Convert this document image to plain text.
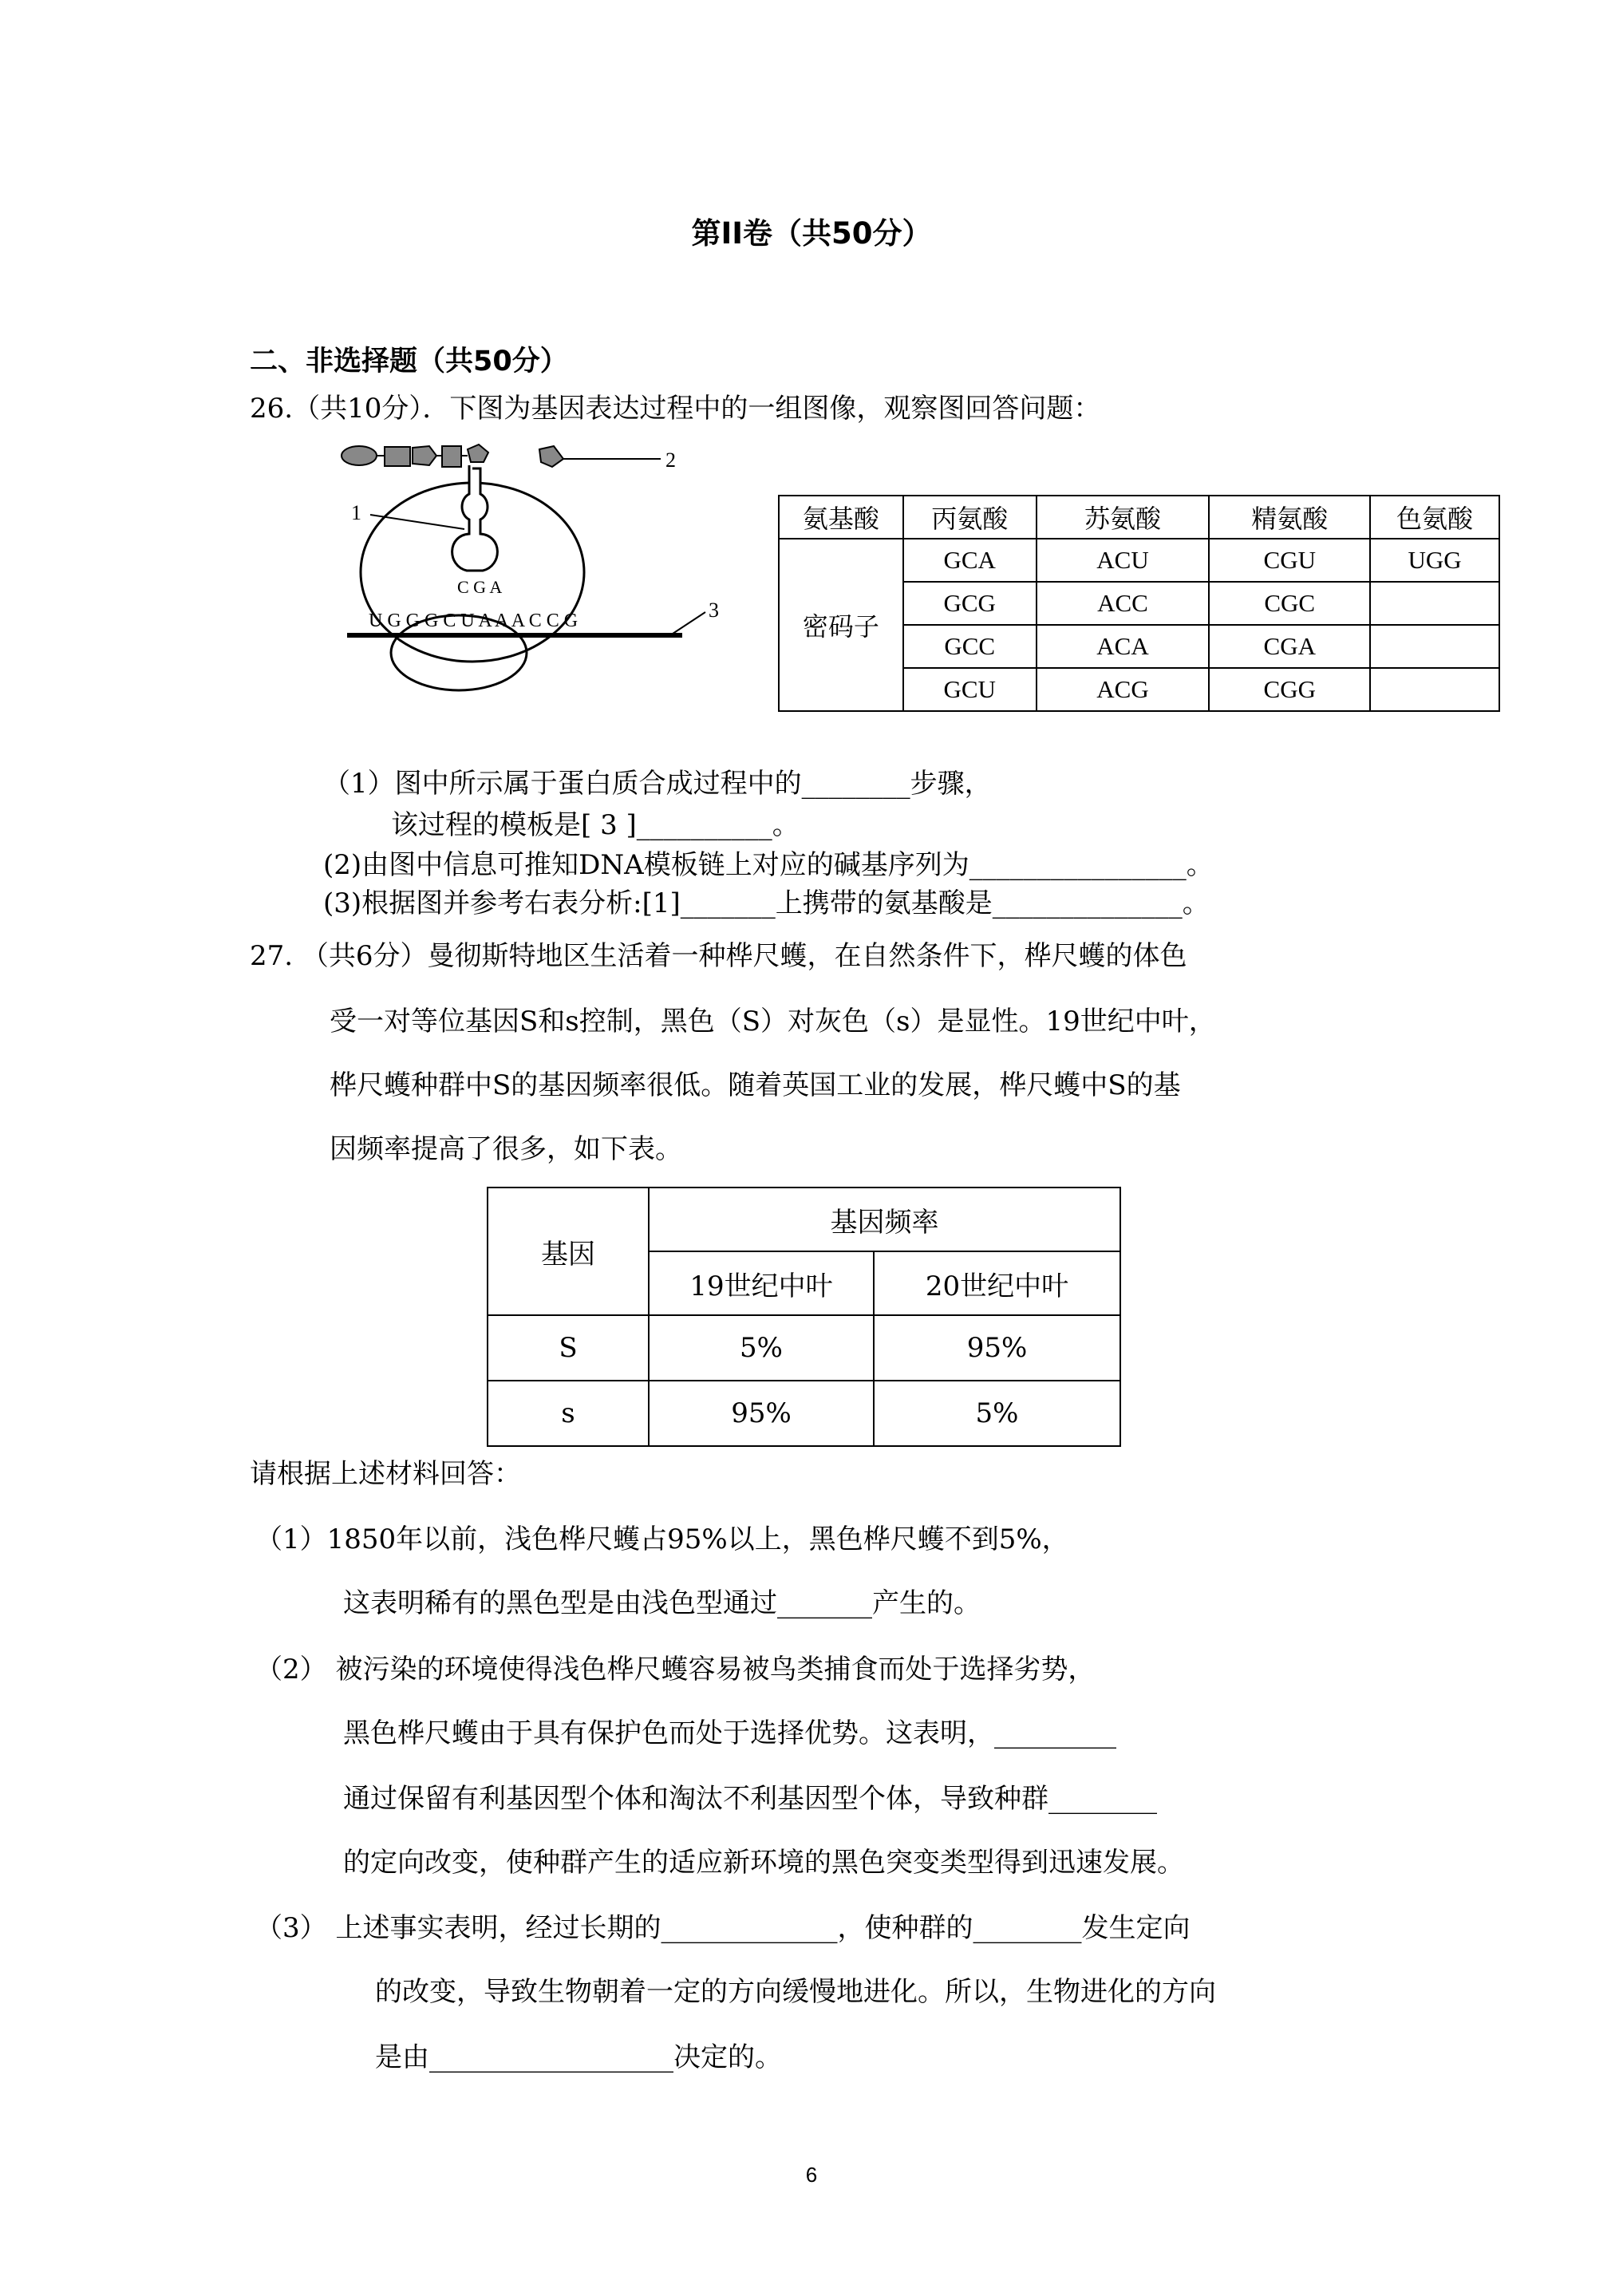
第II卷（共50分）
二、非选择题（共50分）
26.（共10分）．下图为基因表达过程中的一组图像，观察图回答问题：
C G A
2
1
U G G G C U A A A C C G	3
氨基酸	丙氨酸	苏氨酸	精氨酸	色氨酸
密码子	GCA	ACU	CGU	UGG
	GCG	ACC	CGC	
	GCC	ACA	CGA	
	GCU	ACG	CGG	
（1）图中所示属于蛋白质合成过程中的________步骤，
该过程的模板是[ 3 ]__________。
(2)由图中信息可推知DNA模板链上对应的碱基序列为________________。
(3)根据图并参考右表分析:[1]_______上携带的氨基酸是______________。
27. （共6分）曼彻斯特地区生活着一种桦尺蠖，在自然条件下，桦尺蠖的体色
受一对等位基因S和s控制，黑色（S）对灰色（s）是显性。19世纪中叶，
桦尺蠖种群中S的基因频率很低。随着英国工业的发展，桦尺蠖中S的基
因频率提高了很多，如下表。
基因	基因频率	
	19世纪中叶	20世纪中叶
S	5%	95%
s	95%	5%
请根据上述材料回答：
（1）1850年以前，浅色桦尺蠖占95%以上，黑色桦尺蠖不到5%，
这表明稀有的黑色型是由浅色型通过_______产生的。
（2） 被污染的环境使得浅色桦尺蠖容易被鸟类捕食而处于选择劣势，
黑色桦尺蠖由于具有保护色而处于选择优势。这表明，_________
通过保留有利基因型个体和淘汰不利基因型个体，导致种群________
的定向改变，使种群产生的适应新环境的黑色突变类型得到迅速发展。
（3） 上述事实表明，经过长期的_____________，使种群的________发生定向
的改变，导致生物朝着一定的方向缓慢地进化。所以，生物进化的方向
是由__________________决定的。
6
